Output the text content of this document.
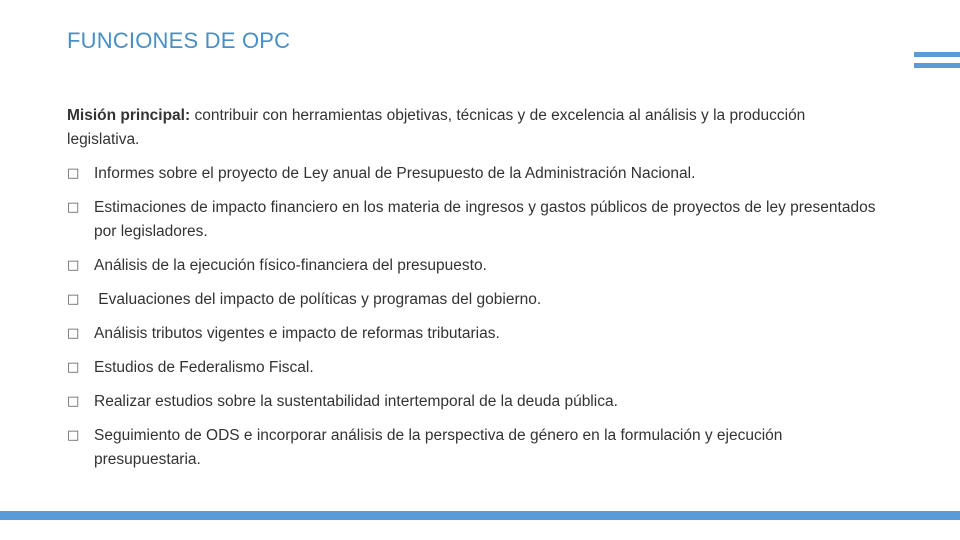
FUNCIONES DE OPC
Misión principal: contribuir con herramientas objetivas, técnicas y de excelencia al análisis y la producción legislativa.
□ Informes sobre el proyecto de Ley anual de Presupuesto de la Administración Nacional.
□ Estimaciones de impacto financiero en los materia de ingresos y gastos públicos de proyectos de ley presentados por legisladores.
□ Análisis de la ejecución físico-financiera del presupuesto.
□ Evaluaciones del impacto de políticas y programas del gobierno.
□ Análisis tributos vigentes e impacto de reformas tributarias.
□ Estudios de Federalismo Fiscal.
□ Realizar estudios sobre la sustentabilidad intertemporal de la deuda pública.
□ Seguimiento de ODS e incorporar análisis de la perspectiva de género en la formulación y ejecución presupuestaria.
